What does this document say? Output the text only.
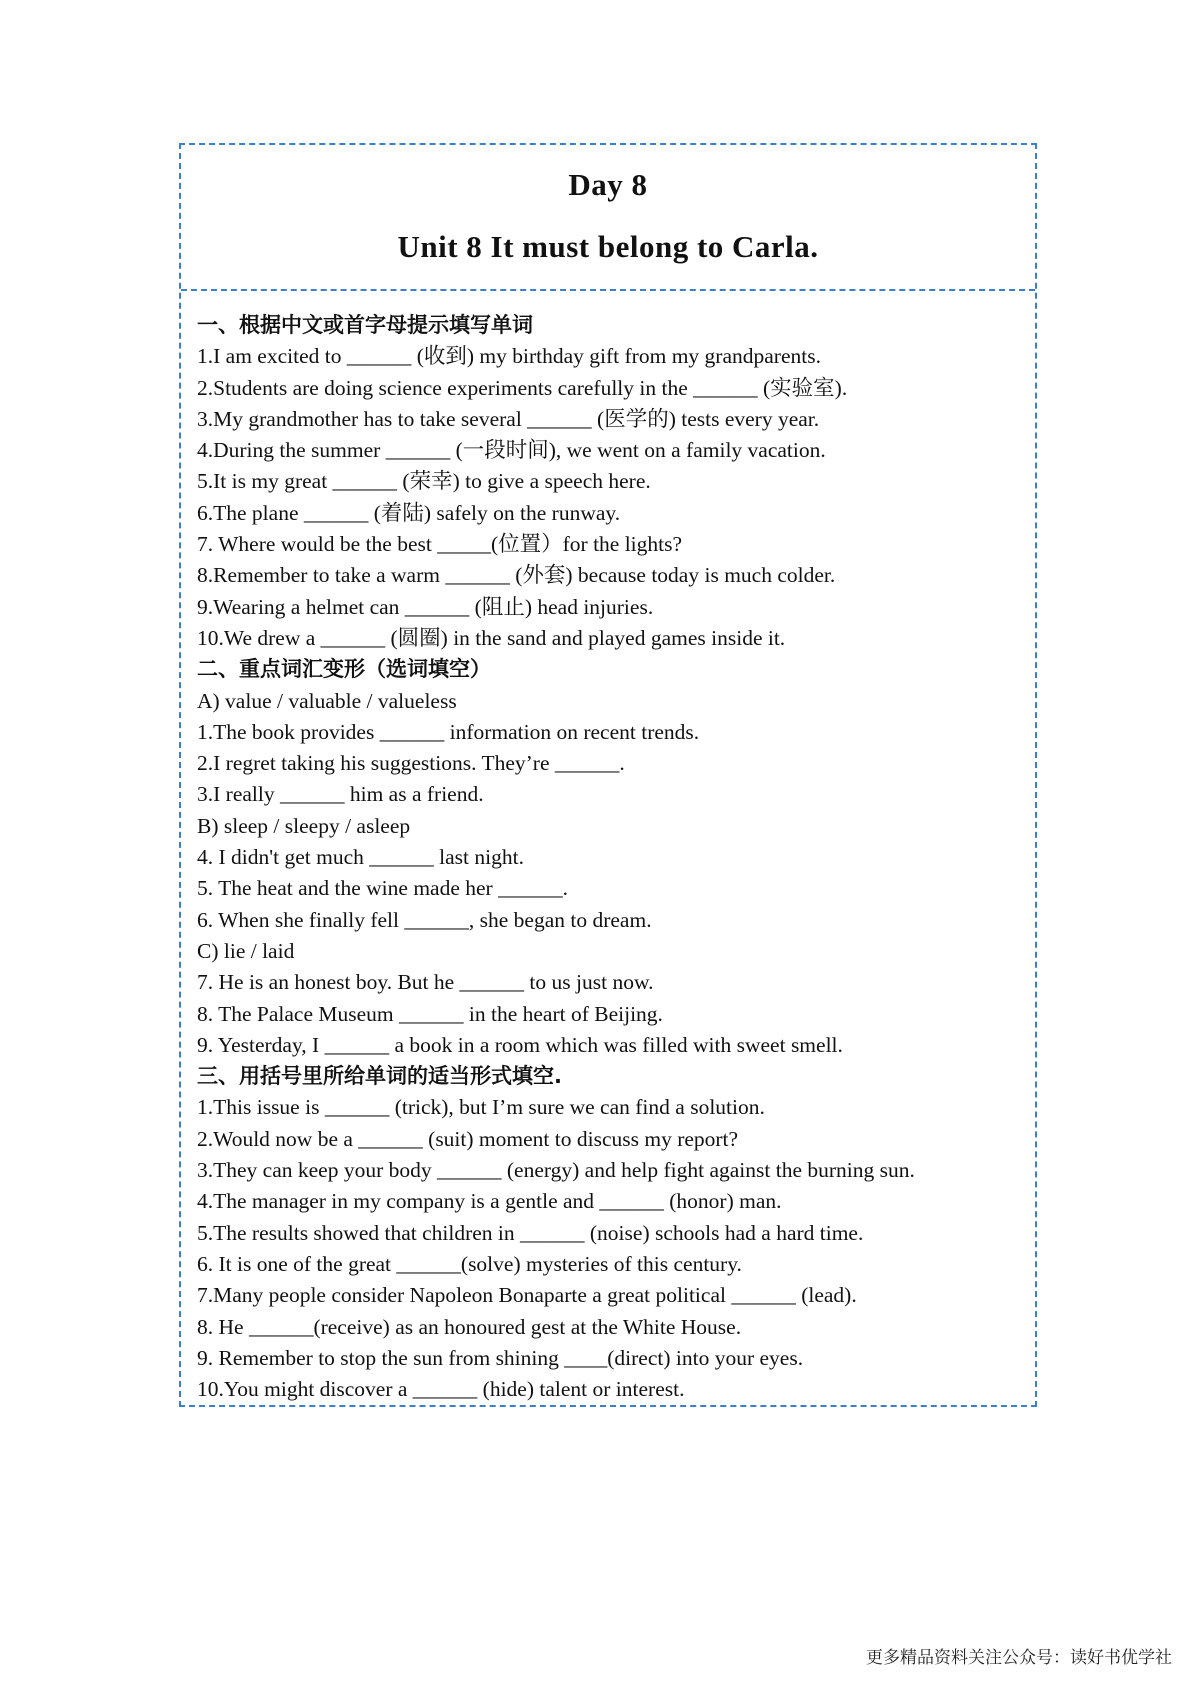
Day 8
Unit 8 It must belong to Carla.
一、根据中文或首字母提示填写单词
1.I am excited to ______ (收到) my birthday gift from my grandparents.
2.Students are doing science experiments carefully in the ______ (实验室).
3.My grandmother has to take several ______ (医学的) tests every year.
4.During the summer ______ (一段时间), we went on a family vacation.
5.It is my great ______ (荣幸) to give a speech here.
6.The plane ______ (着陆) safely on the runway.
7. Where would be the best _____(位置）for the lights?
8.Remember to take a warm ______ (外套) because today is much colder.
9.Wearing a helmet can ______ (阻止) head injuries.
10.We drew a ______ (圆圈) in the sand and played games inside it.
二、重点词汇变形（选词填空）
A) value / valuable / valueless
1.The book provides ______ information on recent trends.
2.I regret taking his suggestions. They’re ______.
3.I really ______ him as a friend.
B) sleep / sleepy / asleep
4. I didn't get much ______ last night.
5. The heat and the wine made her ______.
6. When she finally fell ______, she began to dream.
C) lie / laid
7. He is an honest boy. But he ______ to us just now.
8. The Palace Museum ______ in the heart of Beijing.
9. Yesterday, I ______ a book in a room which was filled with sweet smell.
三、用括号里所给单词的适当形式填空.
1.This issue is ______ (trick), but I’m sure we can find a solution.
2.Would now be a ______ (suit) moment to discuss my report?
3.They can keep your body ______ (energy) and help fight against the burning sun.
4.The manager in my company is a gentle and ______ (honor) man.
5.The results showed that children in ______ (noise) schools had a hard time.
6. It is one of the great ______(solve) mysteries of this century.
7.Many people consider Napoleon Bonaparte a great political ______ (lead).
8. He ______(receive) as an honoured gest at the White House.
9. Remember to stop the sun from shining ____(direct) into your eyes.
10.You might discover a ______ (hide) talent or interest.
更多精品资料关注公众号：读好书优学社
